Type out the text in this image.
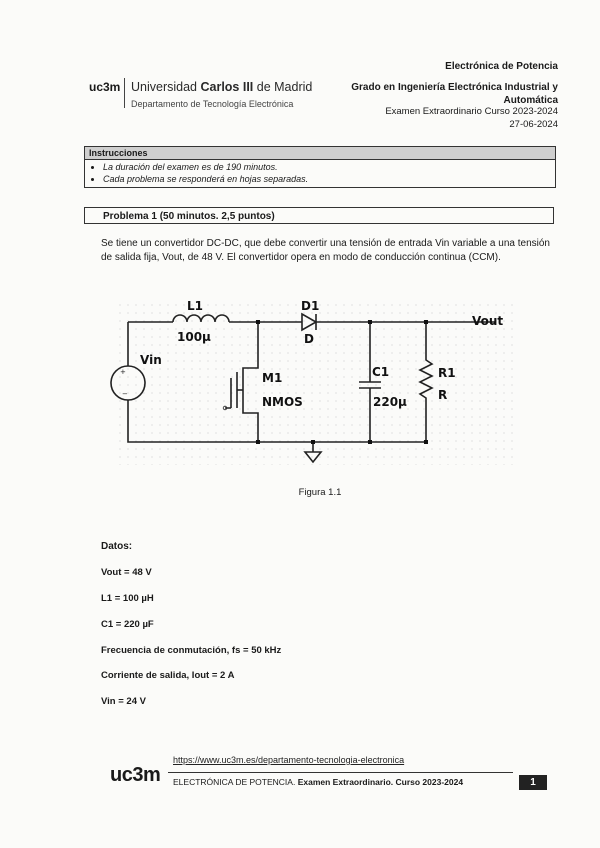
uc3m Universidad Carlos III de Madrid
Departamento de Tecnología Electrónica
Electrónica de Potencia
Grado en Ingeniería Electrónica Industrial y Automática
Examen Extraordinario Curso 2023-2024
27-06-2024
Instrucciones
• La duración del examen es de 190 minutos.
• Cada problema se responderá en hojas separadas.
Problema 1 (50 minutos. 2,5 puntos)
Se tiene un convertidor DC-DC, que debe convertir una tensión de entrada Vin variable a una tensión de salida fija, Vout, de 48 V. El convertidor opera en modo de conducción continua (CCM).
+
−
L1
100µ
D1
D
Vout
Vin
M1
NMOS
C1
220µ
R1
R
Figura 1.1
Datos:
Vout = 48 V
L1 = 100 µH
C1 = 220 µF
Frecuencia de conmutación, fs = 50 kHz
Corriente de salida, Iout = 2 A
Vin = 24 V
uc3m
https://www.uc3m.es/departamento-tecnologia-electronica
ELECTRÓNICA DE POTENCIA. Examen Extraordinario. Curso 2023-2024	1
